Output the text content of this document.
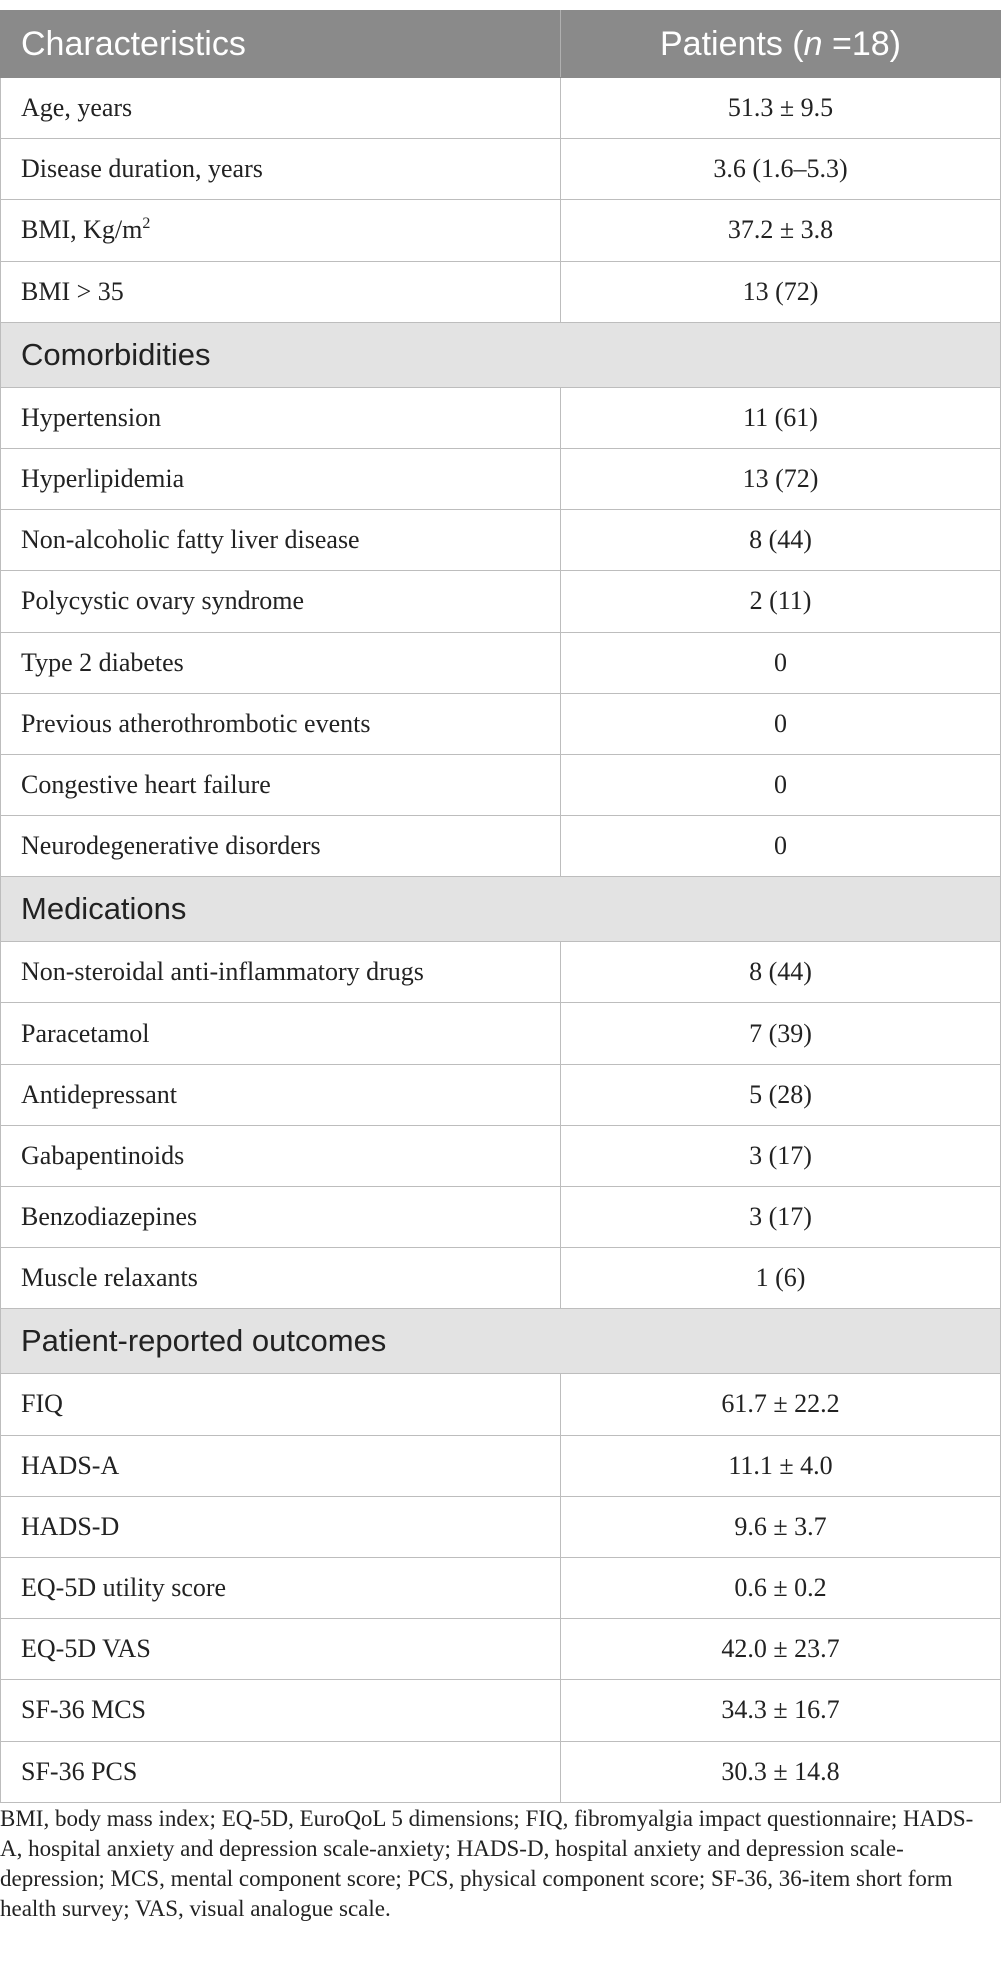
Characteristics	Patients (n =18)
Age, years	51.3 ± 9.5
Disease duration, years	3.6 (1.6–5.3)
BMI, $Kg/m^2$	37.2 ± 3.8
BMI > 35	13 (72)
Comorbidities	
Hypertension	11 (61)
Hyperlipidemia	13 (72)
Non-alcoholic fatty liver disease	8 (44)
Polycystic ovary syndrome	2 (11)
Type 2 diabetes	0
Previous atherothrombotic events	0
Congestive heart failure	0
Neurodegenerative disorders	0
Medications	
Non-steroidal anti-inflammatory drugs	8 (44)
Paracetamol	7 (39)
Antidepressant	5 (28)
Gabapentinoids	3 (17)
Benzodiazepines	3 (17)
Muscle relaxants	1 (6)
Patient-reported outcomes	
FIQ	61.7 ± 22.2
HADS-A	11.1 ± 4.0
HADS-D	9.6 ± 3.7
EQ-5D utility score	0.6 ± 0.2
EQ-5D VAS	42.0 ± 23.7
SF-36 MCS	34.3 ± 16.7
SF-36 PCS	30.3 ± 14.8
BMI, body mass index; EQ-5D, EuroQoL 5 dimensions; FIQ, fibromyalgia impact questionnaire; HADS-A, hospital anxiety and depression scale-anxiety; HADS-D, hospital anxiety and depression scale-depression; MCS, mental component score; PCS, physical component score; SF-36, 36-item short form health survey; VAS, visual analogue scale.
